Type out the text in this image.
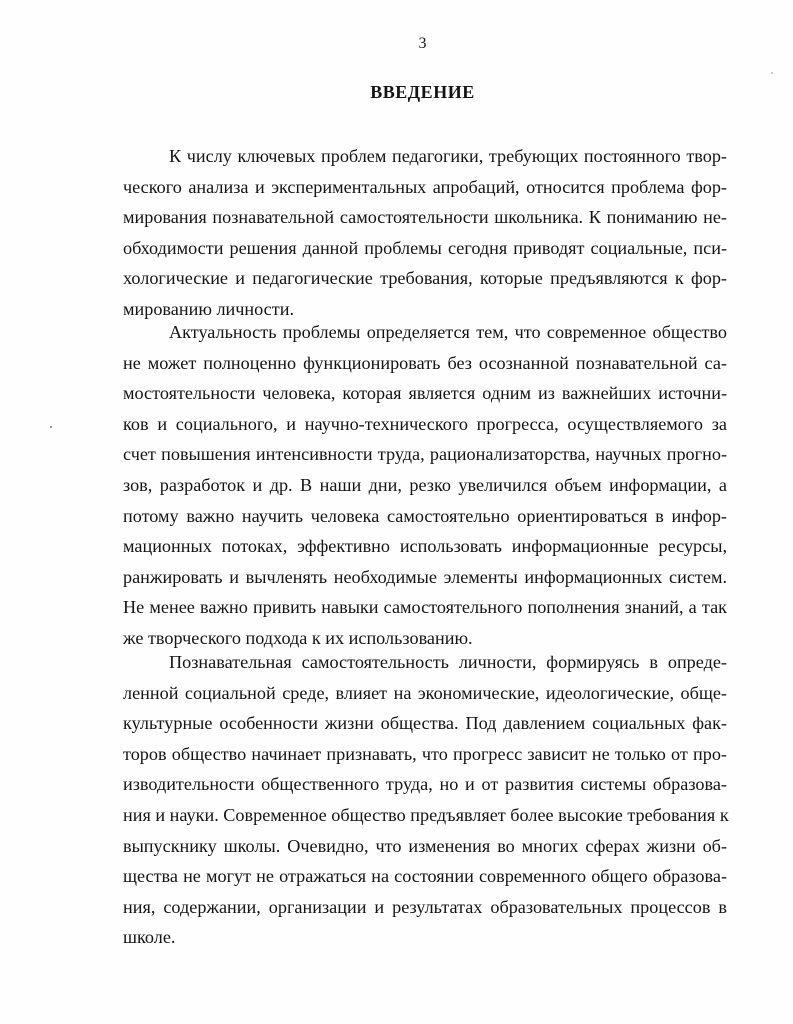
3
ВВЕДЕНИЕ
К числу ключевых проблем педагогики, требующих постоянного твор-
ческого анализа и экспериментальных апробаций, относится проблема фор-
мирования познавательной самостоятельности школьника. К пониманию не-
обходимости решения данной проблемы сегодня приводят социальные, пси-
хологические и педагогические требования, которые предъявляются к фор-
мированию личности.
Актуальность проблемы определяется тем, что современное общество
не может полноценно функционировать без осознанной познавательной са-
мостоятельности человека, которая является одним из важнейших источни-
ков и социального, и научно-технического прогресса, осуществляемого за
счет повышения интенсивности труда, рационализаторства, научных прогно-
зов, разработок и др. В наши дни, резко увеличился объем информации, а
потому важно научить человека самостоятельно ориентироваться в инфор-
мационных потоках, эффективно использовать информационные ресурсы,
ранжировать и вычленять необходимые элементы информационных систем.
Не менее важно привить навыки самостоятельного пополнения знаний, а так
же творческого подхода к их использованию.
Познавательная самостоятельность личности, формируясь в опреде-
ленной социальной среде, влияет на экономические, идеологические, обще-
культурные особенности жизни общества. Под давлением социальных фак-
торов общество начинает признавать, что прогресс зависит не только от про-
изводительности общественного труда, но и от развития системы образова-
ния и науки. Современное общество предъявляет более высокие требования к
выпускнику школы. Очевидно, что изменения во многих сферах жизни об-
щества не могут не отражаться на состоянии современного общего образова-
ния, содержании, организации и результатах образовательных процессов в
школе.
